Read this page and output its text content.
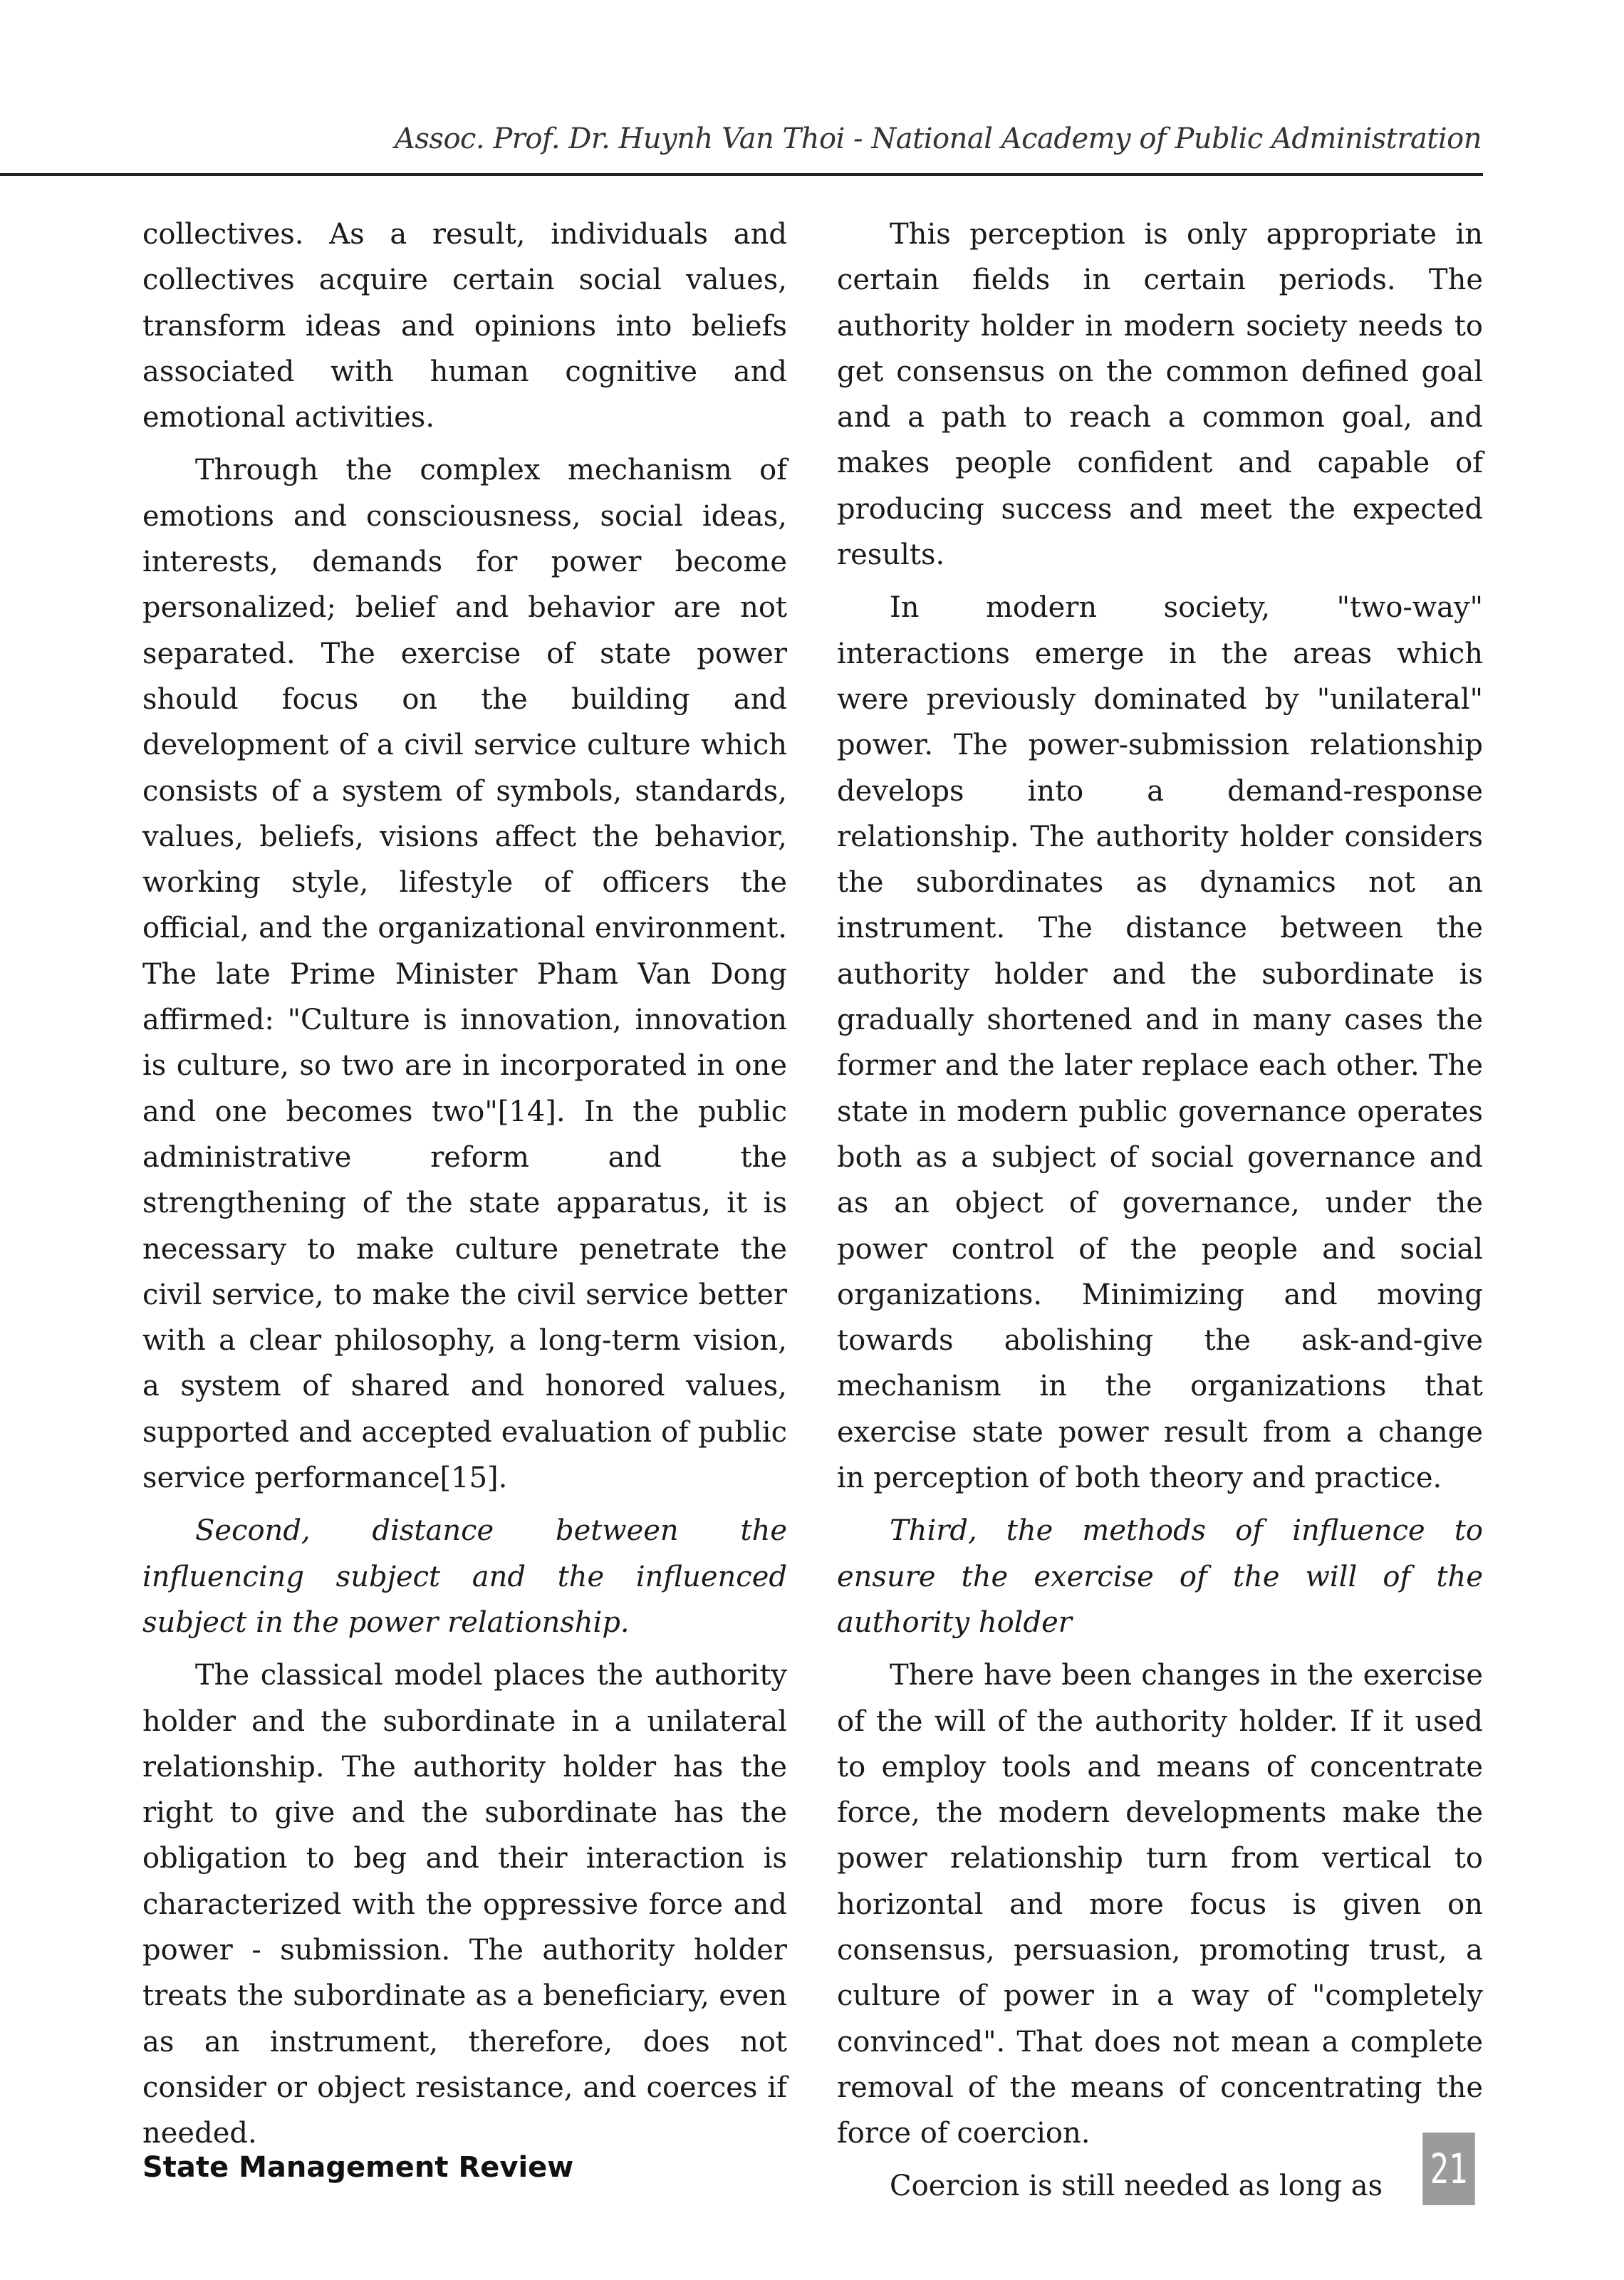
Assoc. Prof. Dr. Huynh Van Thoi - National Academy of Public Administration

collectives. As a result, individuals and collectives acquire certain social values, transform ideas and opinions into beliefs associated with human cognitive and emotional activities.

Through the complex mechanism of emotions and consciousness, social ideas, interests, demands for power become personalized; belief and behavior are not separated. The exercise of state power should focus on the building and development of a civil service culture which consists of a system of symbols, standards, values, beliefs, visions affect the behavior, working style, lifestyle of officers the official, and the organizational environment. The late Prime Minister Pham Van Dong affirmed: "Culture is innovation, innovation is culture, so two are in incorporated in one and one becomes two"[14]. In the public administrative reform and the strengthening of the state apparatus, it is necessary to make culture penetrate the civil service, to make the civil service better with a clear philosophy, a long-term vision, a system of shared and honored values, supported and accepted evaluation of public service performance[15].

Second, distance between the influencing subject and the influenced subject in the power relationship.

The classical model places the authority holder and the subordinate in a unilateral relationship. The authority holder has the right to give and the subordinate has the obligation to beg and their interaction is characterized with the oppressive force and power - submission. The authority holder treats the subordinate as a beneficiary, even as an instrument, therefore, does not consider or object resistance, and coerces if needed.

This perception is only appropriate in certain fields in certain periods. The authority holder in modern society needs to get consensus on the common defined goal and a path to reach a common goal, and makes people confident and capable of producing success and meet the expected results.

In modern society, "two-way" interactions emerge in the areas which were previously dominated by "unilateral" power. The power-submission relationship develops into a demand-response relationship. The authority holder considers the subordinates as dynamics not an instrument. The distance between the authority holder and the subordinate is gradually shortened and in many cases the former and the later replace each other. The state in modern public governance operates both as a subject of social governance and as an object of governance, under the power control of the people and social organizations. Minimizing and moving towards abolishing the ask-and-give mechanism in the organizations that exercise state power result from a change in perception of both theory and practice.

Third, the methods of influence to ensure the exercise of the will of the authority holder

There have been changes in the exercise of the will of the authority holder. If it used to employ tools and means of concentrate force, the modern developments make the power relationship turn from vertical to horizontal and more focus is given on consensus, persuasion, promoting trust, a culture of power in a way of "completely convinced". That does not mean a complete removal of the means of concentrating the force of coercion.

Coercion is still needed as long as

State Management Review	21
